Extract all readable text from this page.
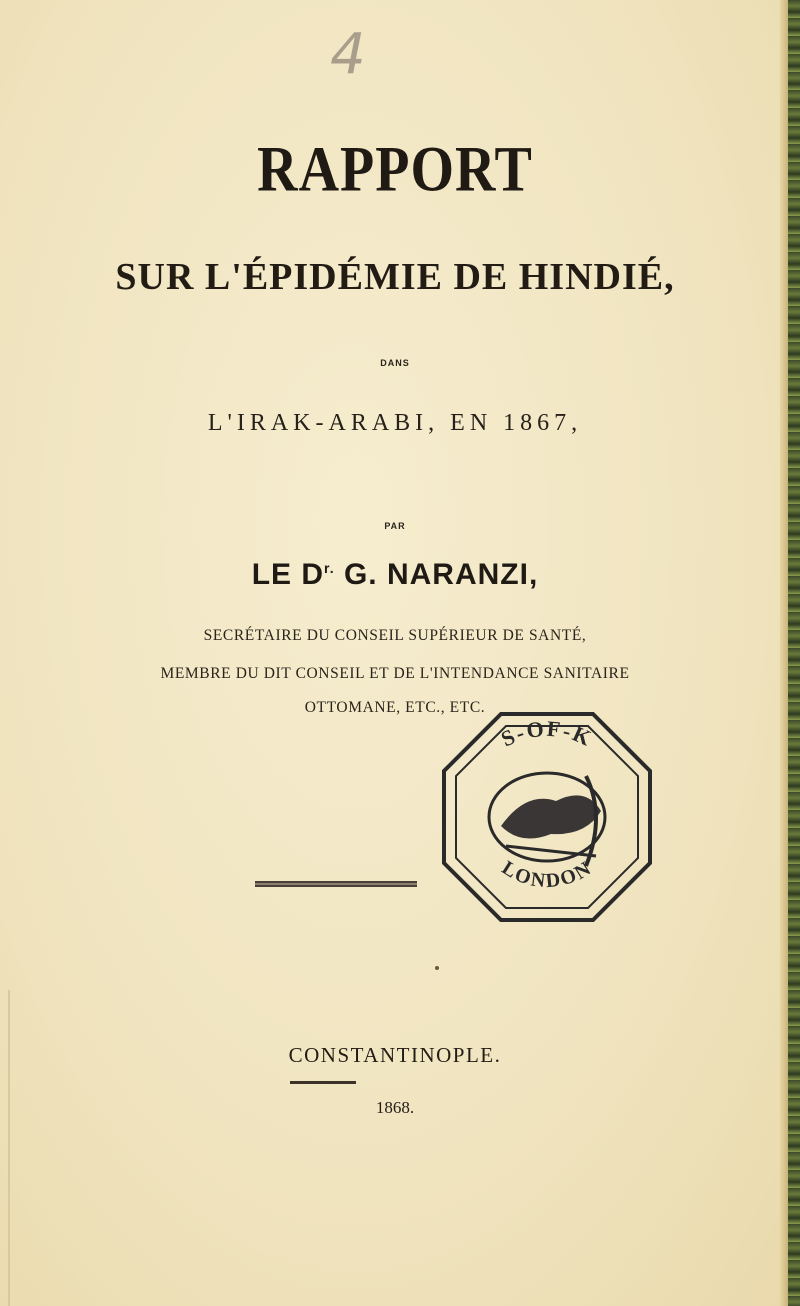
4
RAPPORT
SUR L'ÉPIDÉMIE DE HINDIÉ,
DANS
L'IRAK-ARABI, EN 1867,
PAR
LE $D^{r.}$ G. NARANZI,
SECRÉTAIRE DU CONSEIL SUPÉRIEUR DE SANTÉ,
MEMBRE DU DIT CONSEIL ET DE L'INTENDANCE SANITAIRE
OTTOMANE, ETC., ETC.
S-OF-K
LONDON
CONSTANTINOPLE.
1868.
